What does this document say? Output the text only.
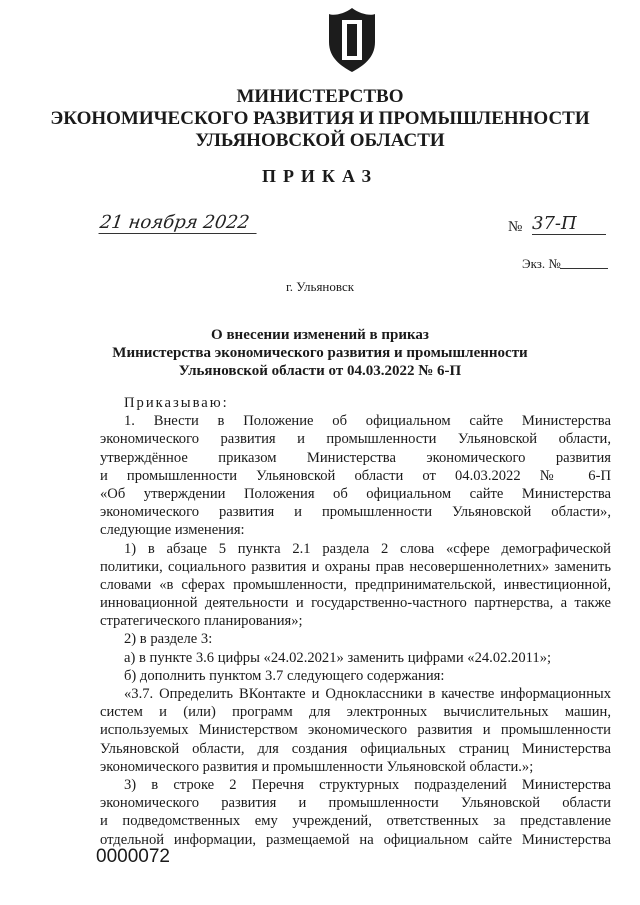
МИНИСТЕРСТВО
ЭКОНОМИЧЕСКОГО РАЗВИТИЯ И ПРОМЫШЛЕННОСТИ
УЛЬЯНОВСКОЙ ОБЛАСТИ
ПРИКАЗ
21 ноября 2022	№ 37-П
Экз. №
г. Ульяновск
О внесении изменений в приказ
Министерства экономического развития и промышленности
Ульяновской области от 04.03.2022 № 6-П
Приказываю:
1. Внести в Положение об официальном сайте Министерства
экономического развития и промышленности Ульяновской области,
утверждённое приказом Министерства экономического развития
и промышленности Ульяновской области от 04.03.2022 № 6-П
«Об утверждении Положения об официальном сайте Министерства
экономического развития и промышленности Ульяновской области»,
следующие изменения:
1) в абзаце 5 пункта 2.1 раздела 2 слова «сфере демографической
политики, социального развития и охраны прав несовершеннолетних» заменить
словами «в сферах промышленности, предпринимательской, инвестиционной,
инновационной деятельности и государственно-частного партнерства, а также
стратегического планирования»;
2) в разделе 3:
а) в пункте 3.6 цифры «24.02.2021» заменить цифрами «24.02.2011»;
б) дополнить пунктом 3.7 следующего содержания:
«3.7. Определить ВКонтакте и Одноклассники в качестве информационных
систем и (или) программ для электронных вычислительных машин,
используемых Министерством экономического развития и промышленности
Ульяновской области, для создания официальных страниц Министерства
экономического развития и промышленности Ульяновской области.»;
3) в строке 2 Перечня структурных подразделений Министерства
экономического развития и промышленности Ульяновской области
и подведомственных ему учреждений, ответственных за представление
отдельной информации, размещаемой на официальном сайте Министерства
0000072
